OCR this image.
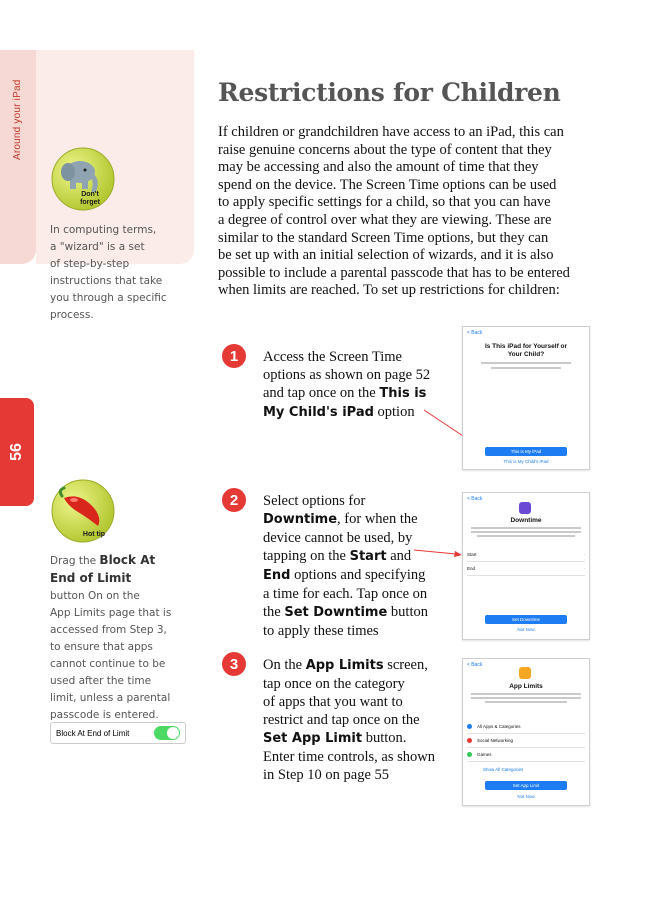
Around your iPad
56
Don't
forget
In computing terms,
a "wizard" is a set
of step-by-step
instructions that take
you through a specific
process.
Hot tip
Drag the Block At
End of Limit
button On on the
App Limits page that is
accessed from Step 3,
to ensure that apps
cannot continue to be
used after the time
limit, unless a parental
passcode is entered.
Block At End of Limit
Restrictions for Children
If children or grandchildren have access to an iPad, this can
raise genuine concerns about the type of content that they
may be accessing and also the amount of time that they
spend on the device. The Screen Time options can be used
to apply specific settings for a child, so that you can have
a degree of control over what they are viewing. These are
similar to the standard Screen Time options, but they can
be set up with an initial selection of wizards, and it is also
possible to include a parental passcode that has to be entered
when limits are reached. To set up restrictions for children:
1	Access the Screen Time
options as shown on page 52
and tap once on the This is
My Child's iPad option
2	Select options for
Downtime, for when the
device cannot be used, by
tapping on the Start and
End options and specifying
a time for each. Tap once on
the Set Downtime button
to apply these times
3	On the App Limits screen,
tap once on the category
of apps that you want to
restrict and tap once on the
Set App Limit button.
Enter time controls, as shown
in Step 10 on page 55
< Back
Is This iPad for Yourself or
Your Child?
This is My iPad
This is My Child's iPad
< Back
Downtime
Start	·
End	·
Set Downtime
Not Now
< Back
App Limits
All Apps & Categories
Social Networking
Games
Show All Categories
Set App Limit
Not Now
